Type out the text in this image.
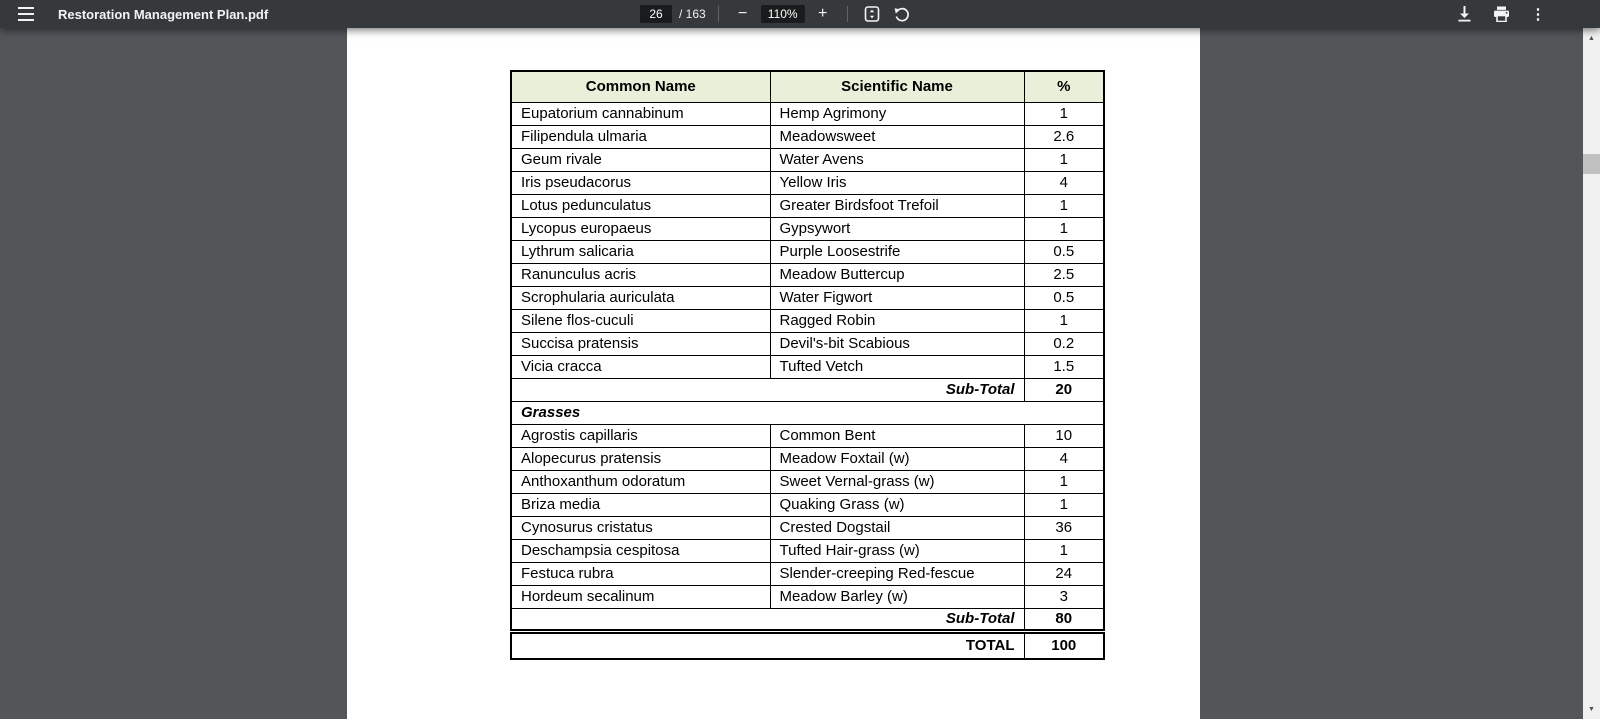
Restoration Management Plan.pdf
26	/ 163	−
110%	+	⋮
Common Name	Scientific Name	%
Eupatorium cannabinum	Hemp Agrimony	1
Filipendula ulmaria	Meadowsweet	2.6
Geum rivale	Water Avens	1
Iris pseudacorus	Yellow Iris	4
Lotus pedunculatus	Greater Birdsfoot Trefoil	1
Lycopus europaeus	Gypsywort	1
Lythrum salicaria	Purple Loosestrife	0.5
Ranunculus acris	Meadow Buttercup	2.5
Scrophularia auriculata	Water Figwort	0.5
Silene flos-cuculi	Ragged Robin	1
Succisa pratensis	Devil's-bit Scabious	0.2
Vicia cracca	Tufted Vetch	1.5
Sub-Total		20
Grasses		
Agrostis capillaris	Common Bent	10
Alopecurus pratensis	Meadow Foxtail (w)	4
Anthoxanthum odoratum	Sweet Vernal-grass (w)	1
Briza media	Quaking Grass (w)	1
Cynosurus cristatus	Crested Dogstail	36
Deschampsia cespitosa	Tufted Hair-grass (w)	1
Festuca rubra	Slender-creeping Red-fescue	24
Hordeum secalinum	Meadow Barley (w)	3
Sub-Total		80
TOTAL		100
▲
▼
